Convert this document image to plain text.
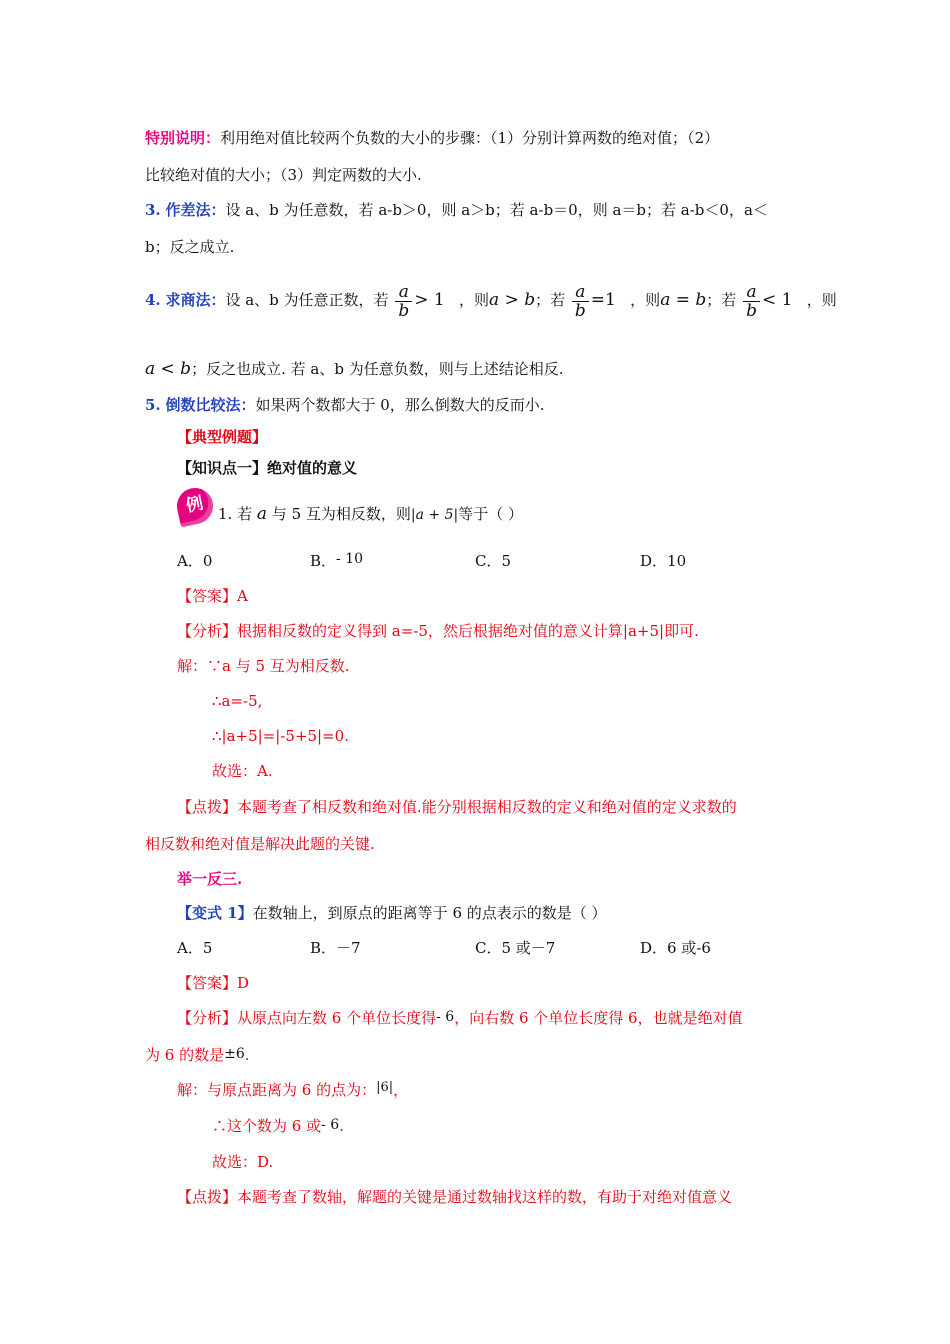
特别说明：利用绝对值比较两个负数的大小的步骤：（1）分别计算两数的绝对值；（2）
比较绝对值的大小；（3）判定两数的大小.
3. 作差法：设 a、b 为任意数，若 a-b＞0，则 a＞b；若 a-b＝0，则 a＝b；若 a-b＜0，a＜
b；反之成立.
4. 求商法：设 a、b 为任意正数，若 $\frac{a}{b} > 1$ ，则a > b；若 $\frac{a}{b} =1$ ，则a = b；若 $\frac{a}{b} < 1$ ，则
a < b；反之也成立. 若 a、b 为任意负数，则与上述结论相反.
5. 倒数比较法：如果两个数都大于 0，那么倒数大的反而小.
【典型例题】
【知识点一】绝对值的意义
例 1. 若 a 与 5 互为相反数，则|a + 5|等于（ ）
A．0	B．- 10	C．5	D．10
【答案】A
【分析】根据相反数的定义得到 a=-5，然后根据绝对值的意义计算|a+5|即可.
解：∵a 与 5 互为相反数.
∴a=-5,
∴|a+5|=|-5+5|=0.
故选：A.
【点拨】本题考查了相反数和绝对值.能分别根据相反数的定义和绝对值的定义求数的
相反数和绝对值是解决此题的关键.
举一反三.
【变式 1】在数轴上，到原点的距离等于 6 的点表示的数是（ ）
A．5	B．－7	C．5 或－7	D．6 或-6
【答案】D
【分析】从原点向左数 6 个单位长度得- 6，向右数 6 个单位长度得 6，也就是绝对值
为 6 的数是±6.
解：与原点距离为 6 的点为：|6|，
∴这个数为 6 或- 6.
故选：D.
【点拨】本题考查了数轴，解题的关键是通过数轴找这样的数，有助于对绝对值意义
